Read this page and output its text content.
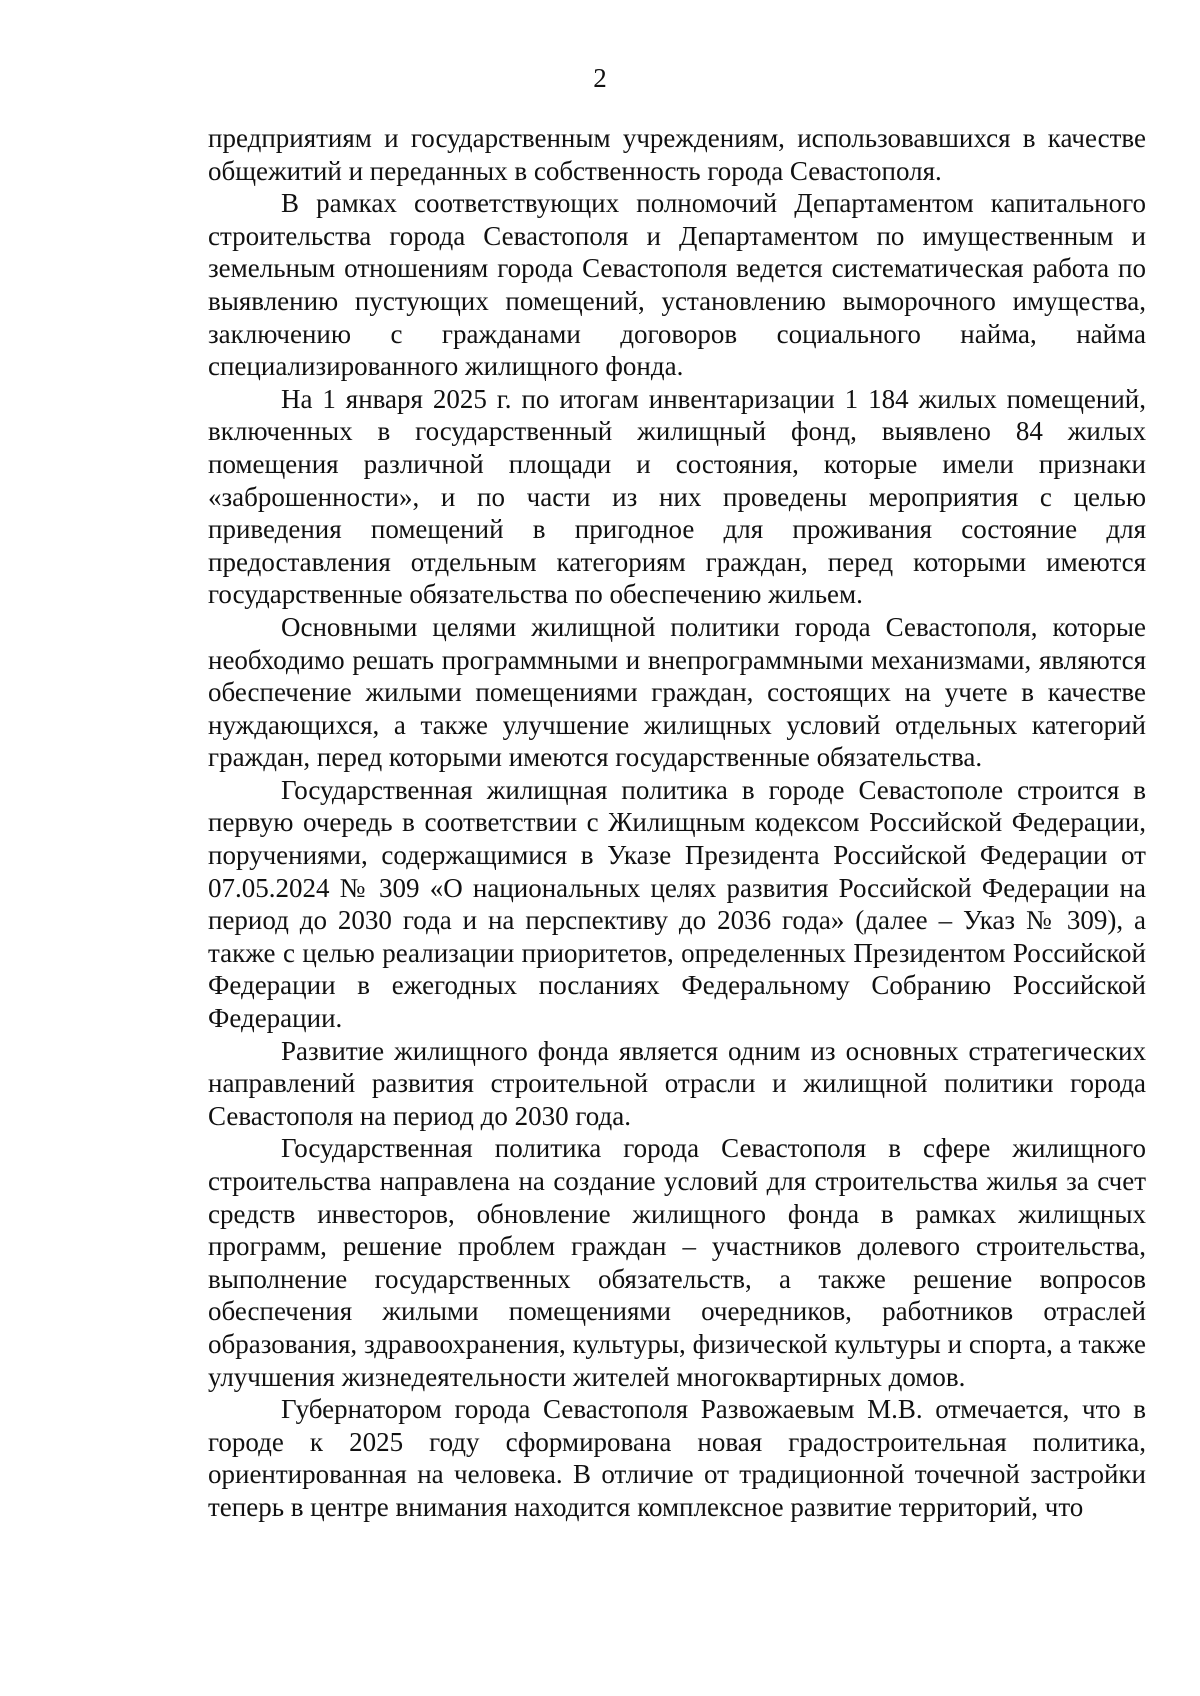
2

предприятиям и государственным учреждениям, использовавшихся в качестве общежитий и переданных в собственность города Севастополя.

В рамках соответствующих полномочий Департаментом капитального строительства города Севастополя и Департаментом по имущественным и земельным отношениям города Севастополя ведется систематическая работа по выявлению пустующих помещений, установлению выморочного имущества, заключению с гражданами договоров социального найма, найма специализированного жилищного фонда.

На 1 января 2025 г. по итогам инвентаризации 1 184 жилых помещений, включенных в государственный жилищный фонд, выявлено 84 жилых помещения различной площади и состояния, которые имели признаки «заброшенности», и по части из них проведены мероприятия с целью приведения помещений в пригодное для проживания состояние для предоставления отдельным категориям граждан, перед которыми имеются государственные обязательства по обеспечению жильем.

Основными целями жилищной политики города Севастополя, которые необходимо решать программными и внепрограммными механизмами, являются обеспечение жилыми помещениями граждан, состоящих на учете в качестве нуждающихся, а также улучшение жилищных условий отдельных категорий граждан, перед которыми имеются государственные обязательства.

Государственная жилищная политика в городе Севастополе строится в первую очередь в соответствии с Жилищным кодексом Российской Федерации, поручениями, содержащимися в Указе Президента Российской Федерации от 07.05.2024 № 309 «О национальных целях развития Российской Федерации на период до 2030 года и на перспективу до 2036 года» (далее – Указ № 309), а также с целью реализации приоритетов, определенных Президентом Российской Федерации в ежегодных посланиях Федеральному Собранию Российской Федерации.

Развитие жилищного фонда является одним из основных стратегических направлений развития строительной отрасли и жилищной политики города Севастополя на период до 2030 года.

Государственная политика города Севастополя в сфере жилищного строительства направлена на создание условий для строительства жилья за счет средств инвесторов, обновление жилищного фонда в рамках жилищных программ, решение проблем граждан – участников долевого строительства, выполнение государственных обязательств, а также решение вопросов обеспечения жилыми помещениями очередников, работников отраслей образования, здравоохранения, культуры, физической культуры и спорта, а также улучшения жизнедеятельности жителей многоквартирных домов.

Губернатором города Севастополя Развожаевым М.В. отмечается, что в городе к 2025 году сформирована новая градостроительная политика, ориентированная на человека. В отличие от традиционной точечной застройки теперь в центре внимания находится комплексное развитие территорий, что
